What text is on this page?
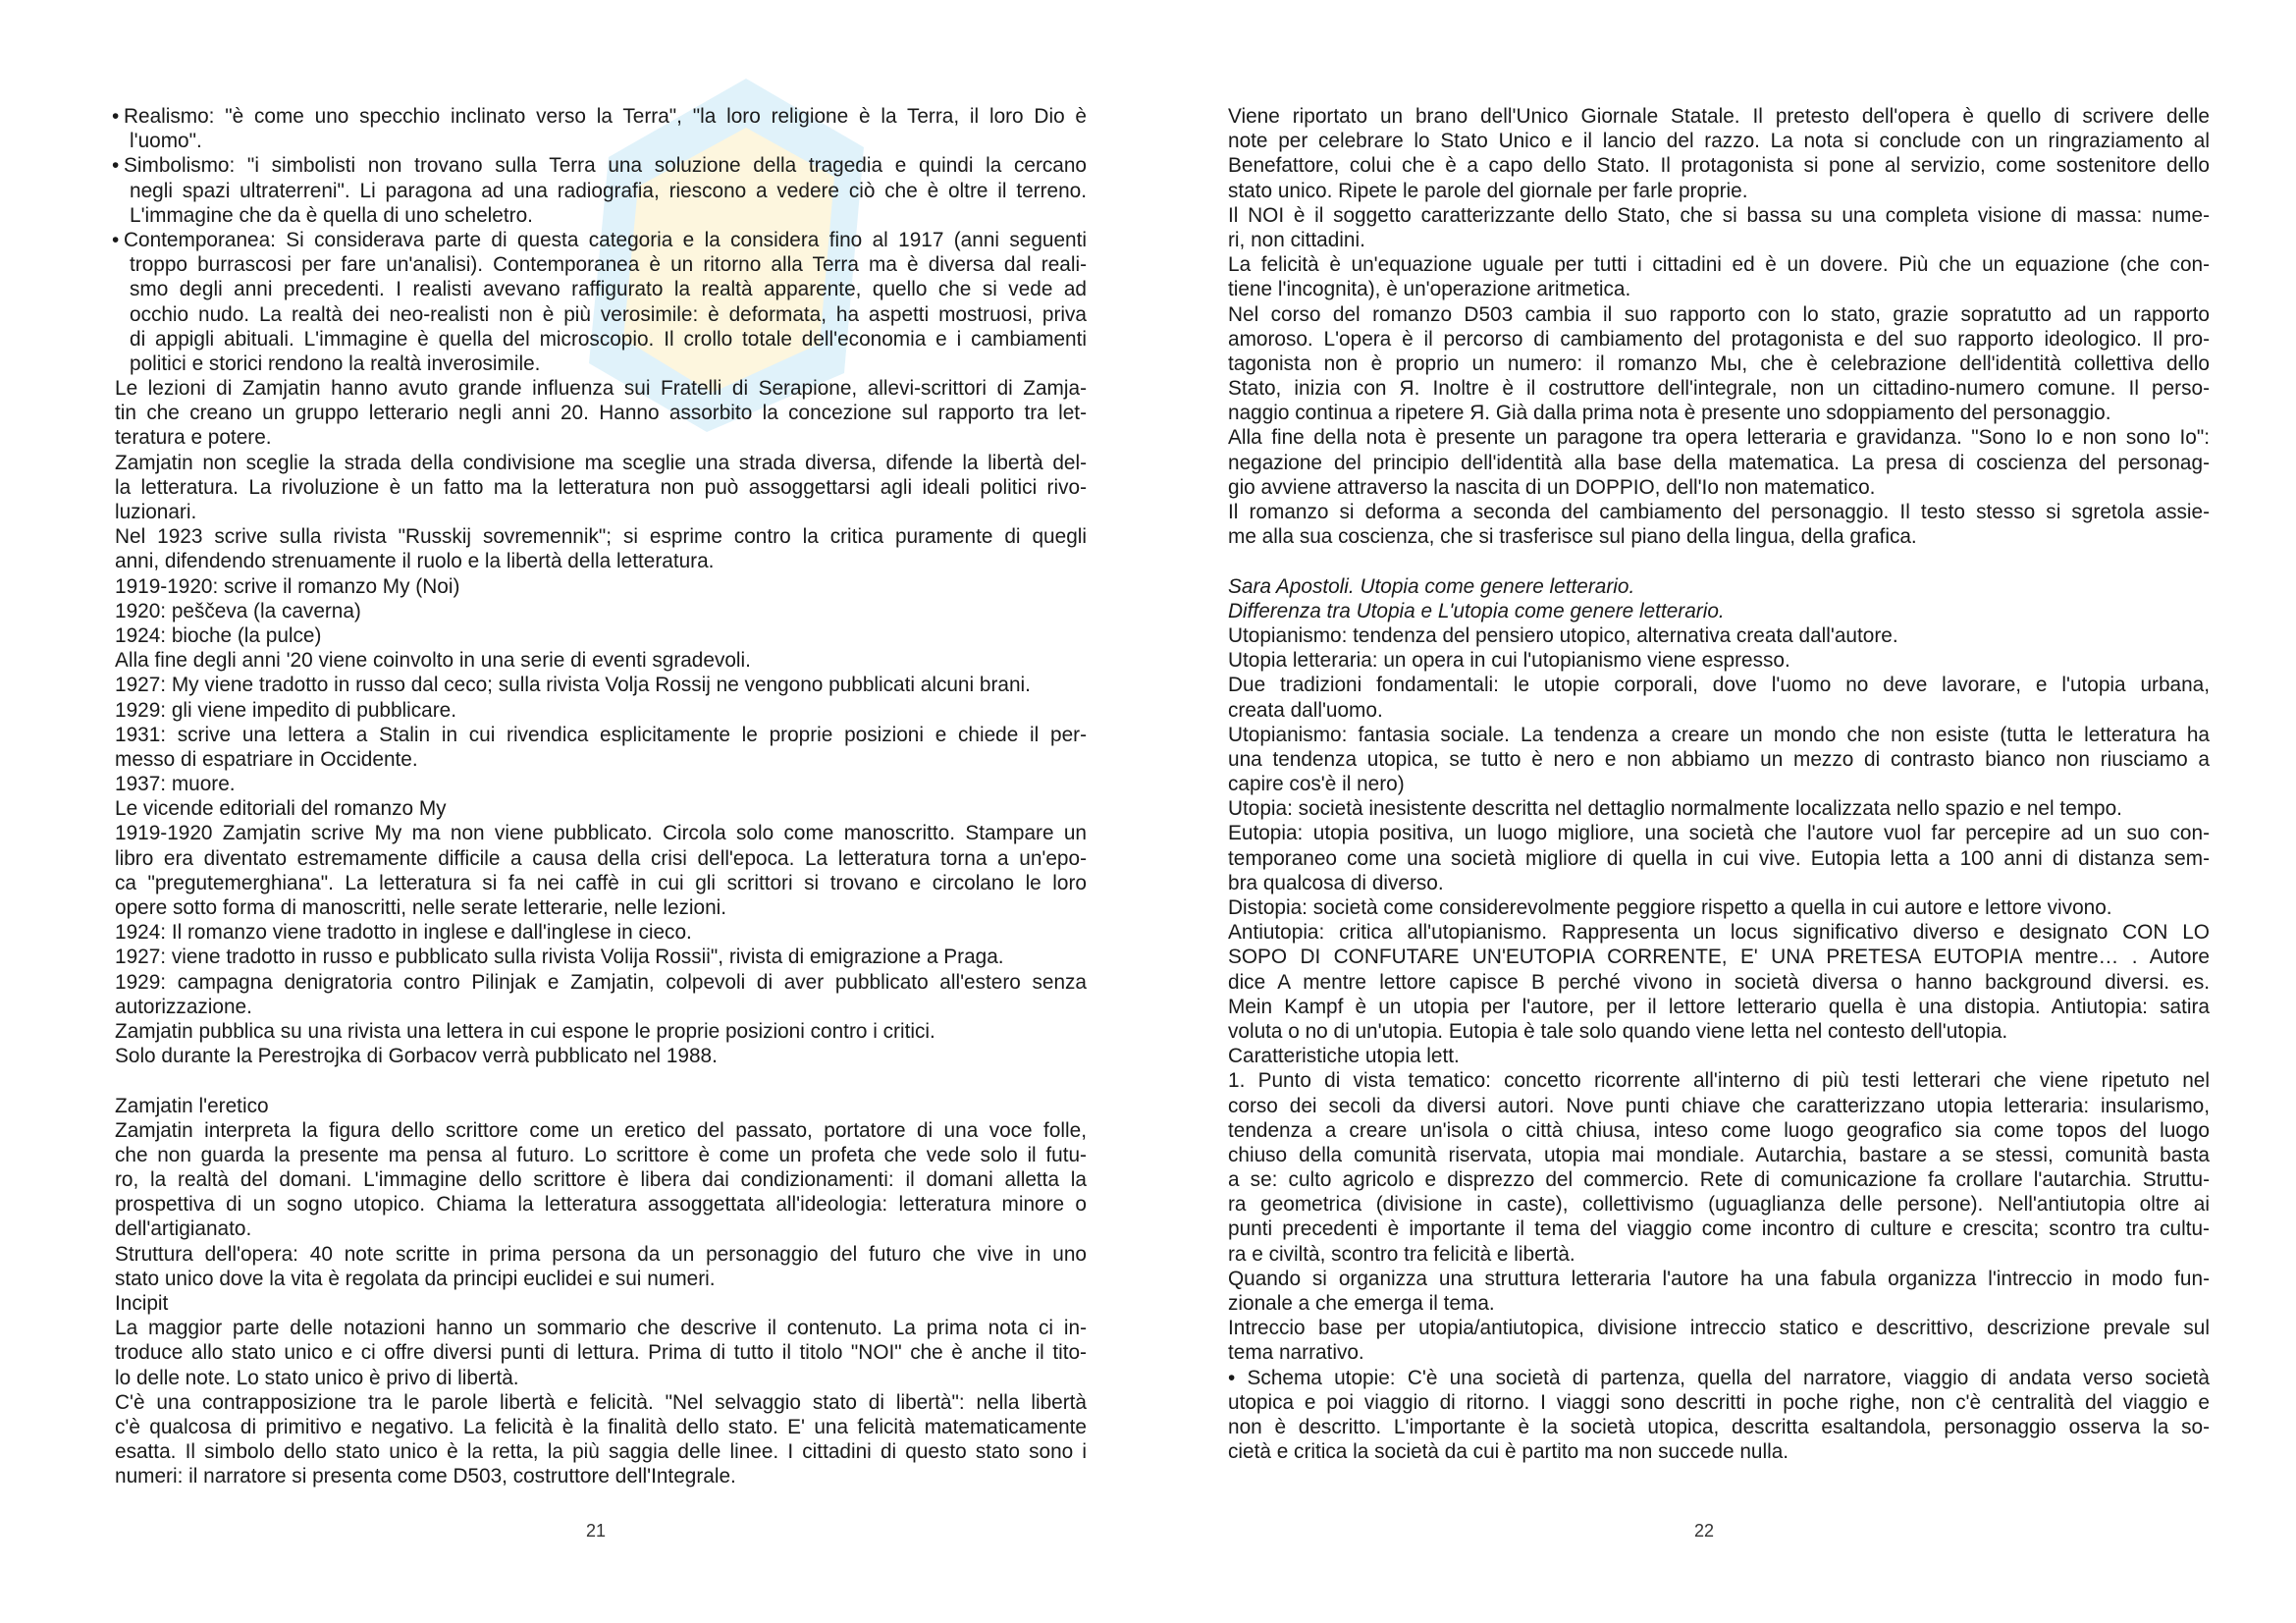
• Realismo: "è come uno specchio inclinato verso la Terra", "la loro religione è la Terra, il loro Dio è
l'uomo".
• Simbolismo: "i simbolisti non trovano sulla Terra una soluzione della tragedia e quindi la cercano
negli spazi ultraterreni". Li paragona ad una radiografia, riescono a vedere ciò che è oltre il terreno.
L'immagine che da è quella di uno scheletro.
• Contemporanea: Si considerava parte di questa categoria e la considera fino al 1917 (anni seguenti
troppo burrascosi per fare un'analisi). Contemporanea è un ritorno alla Terra ma è diversa dal reali-
smo degli anni precedenti. I realisti avevano raffigurato la realtà apparente, quello che si vede ad
occhio nudo. La realtà dei neo-realisti non è più verosimile: è deformata, ha aspetti mostruosi, priva
di appigli abituali. L'immagine è quella del microscopio. Il crollo totale dell'economia e i cambiamenti
politici e storici rendono la realtà inverosimile.
Le lezioni di Zamjatin hanno avuto grande influenza sui Fratelli di Serapione, allevi-scrittori di Zamja-
tin che creano un gruppo letterario negli anni 20. Hanno assorbito la concezione sul rapporto tra let-
teratura e potere.
Zamjatin non sceglie la strada della condivisione ma sceglie una strada diversa, difende la libertà del-
la letteratura. La rivoluzione è un fatto ma la letteratura non può assoggettarsi agli ideali politici rivo-
luzionari.
Nel 1923 scrive sulla rivista "Russkij sovremennik"; si esprime contro la critica puramente di quegli
anni, difendendo strenuamente il ruolo e la libertà della letteratura.
1919-1920: scrive il romanzo My (Noi)
1920: peščeva (la caverna)
1924: bioche (la pulce)
Alla fine degli anni '20 viene coinvolto in una serie di eventi sgradevoli.
1927: My viene tradotto in russo dal ceco; sulla rivista Volja Rossij ne vengono pubblicati alcuni brani.
1929: gli viene impedito di pubblicare.
1931: scrive una lettera a Stalin in cui rivendica esplicitamente le proprie posizioni e chiede il per-
messo di espatriare in Occidente.
1937: muore.
Le vicende editoriali del romanzo My
1919-1920 Zamjatin scrive My ma non viene pubblicato. Circola solo come manoscritto. Stampare un
libro era diventato estremamente difficile a causa della crisi dell'epoca. La letteratura torna a un'epo-
ca "pregutemerghiana". La letteratura si fa nei caffè in cui gli scrittori si trovano e circolano le loro
opere sotto forma di manoscritti, nelle serate letterarie, nelle lezioni.
1924: Il romanzo viene tradotto in inglese e dall'inglese in cieco.
1927: viene tradotto in russo e pubblicato sulla rivista Volija Rossii", rivista di emigrazione a Praga.
1929: campagna denigratoria contro Pilinjak e Zamjatin, colpevoli di aver pubblicato all'estero senza
autorizzazione.
Zamjatin pubblica su una rivista una lettera in cui espone le proprie posizioni contro i critici.
Solo durante la Perestrojka di Gorbacov verrà pubblicato nel 1988.
Zamjatin l'eretico
Zamjatin interpreta la figura dello scrittore come un eretico del passato, portatore di una voce folle,
che non guarda la presente ma pensa al futuro. Lo scrittore è come un profeta che vede solo il futu-
ro, la realtà del domani. L'immagine dello scrittore è libera dai condizionamenti: il domani alletta la
prospettiva di un sogno utopico. Chiama la letteratura assoggettata all'ideologia: letteratura minore o
dell'artigianato.
Struttura dell'opera: 40 note scritte in prima persona da un personaggio del futuro che vive in uno
stato unico dove la vita è regolata da principi euclidei e sui numeri.
Incipit
La maggior parte delle notazioni hanno un sommario che descrive il contenuto. La prima nota ci in-
troduce allo stato unico e ci offre diversi punti di lettura. Prima di tutto il titolo "NOI" che è anche il tito-
lo delle note. Lo stato unico è privo di libertà.
C'è una contrapposizione tra le parole libertà e felicità. "Nel selvaggio stato di libertà": nella libertà
c'è qualcosa di primitivo e negativo. La felicità è la finalità dello stato. E' una felicità matematicamente
esatta. Il simbolo dello stato unico è la retta, la più saggia delle linee. I cittadini di questo stato sono i
numeri: il narratore si presenta come D503, costruttore dell'Integrale.
21
Viene riportato un brano dell'Unico Giornale Statale. Il pretesto dell'opera è quello di scrivere delle
note per celebrare lo Stato Unico e il lancio del razzo. La nota si conclude con un ringraziamento al
Benefattore, colui che è a capo dello Stato. Il protagonista si pone al servizio, come sostenitore dello
stato unico. Ripete le parole del giornale per farle proprie.
Il NOI è il soggetto caratterizzante dello Stato, che si bassa su una completa visione di massa: nume-
ri, non cittadini.
La felicità è un'equazione uguale per tutti i cittadini ed è un dovere. Più che un equazione (che con-
tiene l'incognita), è un'operazione aritmetica.
Nel corso del romanzo D503 cambia il suo rapporto con lo stato, grazie sopratutto ad un rapporto
amoroso. L'opera è il percorso di cambiamento del protagonista e del suo rapporto ideologico. Il pro-
tagonista non è proprio un numero: il romanzo Мы, che è celebrazione dell'identità collettiva dello
Stato, inizia con Я. Inoltre è il costruttore dell'integrale, non un cittadino-numero comune. Il perso-
naggio continua a ripetere Я. Già dalla prima nota è presente uno sdoppiamento del personaggio.
Alla fine della nota è presente un paragone tra opera letteraria e gravidanza. "Sono Io e non sono Io":
negazione del principio dell'identità alla base della matematica. La presa di coscienza del personag-
gio avviene attraverso la nascita di un DOPPIO, dell'Io non matematico.
Il romanzo si deforma a seconda del cambiamento del personaggio. Il testo stesso si sgretola assie-
me alla sua coscienza, che si trasferisce sul piano della lingua, della grafica.
Sara Apostoli. Utopia come genere letterario.
Differenza tra Utopia e L'utopia come genere letterario.
Utopianismo: tendenza del pensiero utopico, alternativa creata dall'autore.
Utopia letteraria: un opera in cui l'utopianismo viene espresso.
Due tradizioni fondamentali: le utopie corporali, dove l'uomo no deve lavorare, e l'utopia urbana,
creata dall'uomo.
Utopianismo: fantasia sociale. La tendenza a creare un mondo che non esiste (tutta le letteratura ha
una tendenza utopica, se tutto è nero e non abbiamo un mezzo di contrasto bianco non riusciamo a
capire cos'è il nero)
Utopia: società inesistente descritta nel dettaglio normalmente localizzata nello spazio e nel tempo.
Eutopia: utopia positiva, un luogo migliore, una società che l'autore vuol far percepire ad un suo con-
temporaneo come una società migliore di quella in cui vive. Eutopia letta a 100 anni di distanza sem-
bra qualcosa di diverso.
Distopia: società come considerevolmente peggiore rispetto a quella in cui autore e lettore vivono.
Antiutopia: critica all'utopianismo. Rappresenta un locus significativo diverso e designato CON LO
SOPO DI CONFUTARE UN'EUTOPIA CORRENTE, E' UNA PRETESA EUTOPIA mentre… . Autore
dice A mentre lettore capisce B perché vivono in società diversa o hanno background diversi. es.
Mein Kampf è un utopia per l'autore, per il lettore letterario quella è una distopia. Antiutopia: satira
voluta o no di un'utopia. Eutopia è tale solo quando viene letta nel contesto dell'utopia.
Caratteristiche utopia lett.
1. Punto di vista tematico: concetto ricorrente all'interno di più testi letterari che viene ripetuto nel
corso dei secoli da diversi autori. Nove punti chiave che caratterizzano utopia letteraria: insularismo,
tendenza a creare un'isola o città chiusa, inteso come luogo geografico sia come topos del luogo
chiuso della comunità riservata, utopia mai mondiale. Autarchia, bastare a se stessi, comunità basta
a se: culto agricolo e disprezzo del commercio. Rete di comunicazione fa crollare l'autarchia. Struttu-
ra geometrica (divisione in caste), collettivismo (uguaglianza delle persone). Nell'antiutopia oltre ai
punti precedenti è importante il tema del viaggio come incontro di culture e crescita; scontro tra cultu-
ra e civiltà, scontro tra felicità e libertà.
Quando si organizza una struttura letteraria l'autore ha una fabula organizza l'intreccio in modo fun-
zionale a che emerga il tema.
Intreccio base per utopia/antiutopica, divisione intreccio statico e descrittivo, descrizione prevale sul
tema narrativo.
• Schema utopie: C'è una società di partenza, quella del narratore, viaggio di andata verso società
utopica e poi viaggio di ritorno. I viaggi sono descritti in poche righe, non c'è centralità del viaggio e
non è descritto. L'importante è la società utopica, descritta esaltandola, personaggio osserva la so-
cietà e critica la società da cui è partito ma non succede nulla.
22
